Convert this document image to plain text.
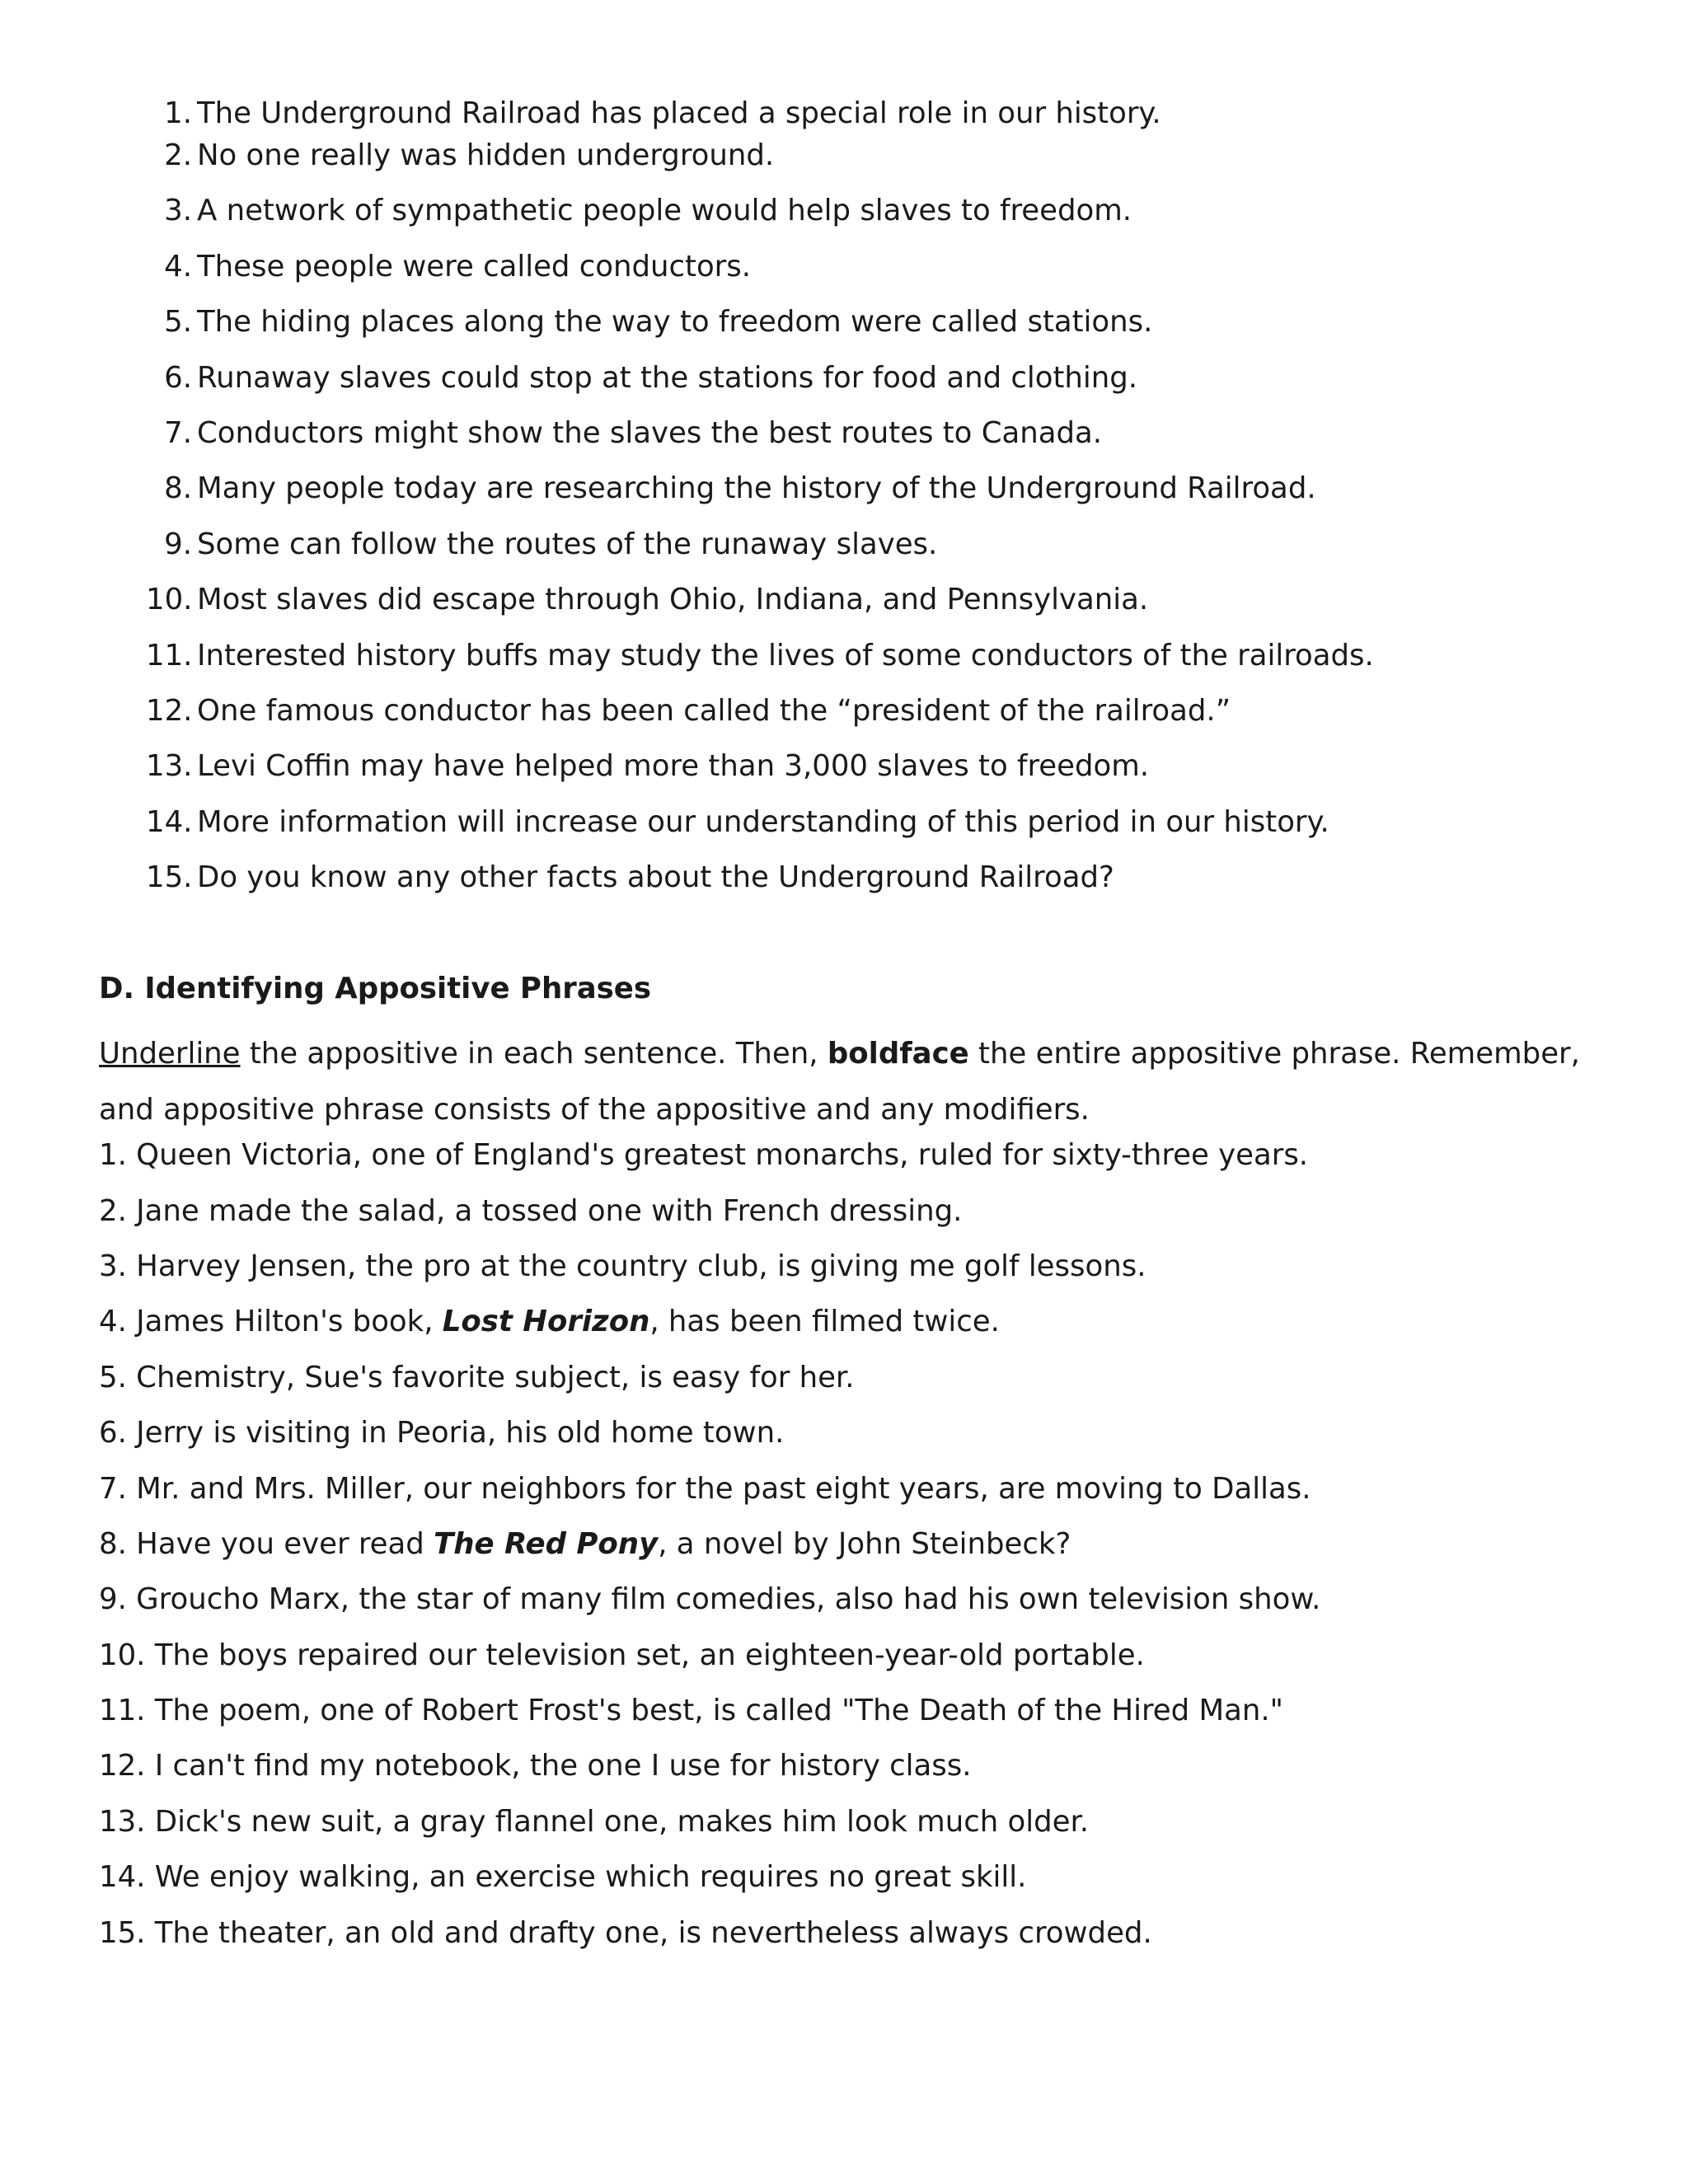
1. The Underground Railroad has placed a special role in our history.
2. No one really was hidden underground.
3. A network of sympathetic people would help slaves to freedom.
4. These people were called conductors.
5. The hiding places along the way to freedom were called stations.
6. Runaway slaves could stop at the stations for food and clothing.
7. Conductors might show the slaves the best routes to Canada.
8. Many people today are researching the history of the Underground Railroad.
9. Some can follow the routes of the runaway slaves.
10. Most slaves did escape through Ohio, Indiana, and Pennsylvania.
11. Interested history buffs may study the lives of some conductors of the railroads.
12. One famous conductor has been called the “president of the railroad.”
13. Levi Coffin may have helped more than 3,000 slaves to freedom.
14. More information will increase our understanding of this period in our history.
15. Do you know any other facts about the Underground Railroad?
D. Identifying Appositive Phrases
Underline the appositive in each sentence. Then, boldface the entire appositive phrase. Remember,
and appositive phrase consists of the appositive and any modifiers.
1. Queen Victoria, one of England's greatest monarchs, ruled for sixty-three years.
2. Jane made the salad, a tossed one with French dressing.
3. Harvey Jensen, the pro at the country club, is giving me golf lessons.
4. James Hilton's book, Lost Horizon, has been filmed twice.
5. Chemistry, Sue's favorite subject, is easy for her.
6. Jerry is visiting in Peoria, his old home town.
7. Mr. and Mrs. Miller, our neighbors for the past eight years, are moving to Dallas.
8. Have you ever read The Red Pony, a novel by John Steinbeck?
9. Groucho Marx, the star of many film comedies, also had his own television show.
10. The boys repaired our television set, an eighteen-year-old portable.
11. The poem, one of Robert Frost's best, is called "The Death of the Hired Man."
12. I can't find my notebook, the one I use for history class.
13. Dick's new suit, a gray flannel one, makes him look much older.
14. We enjoy walking, an exercise which requires no great skill.
15. The theater, an old and drafty one, is nevertheless always crowded.
